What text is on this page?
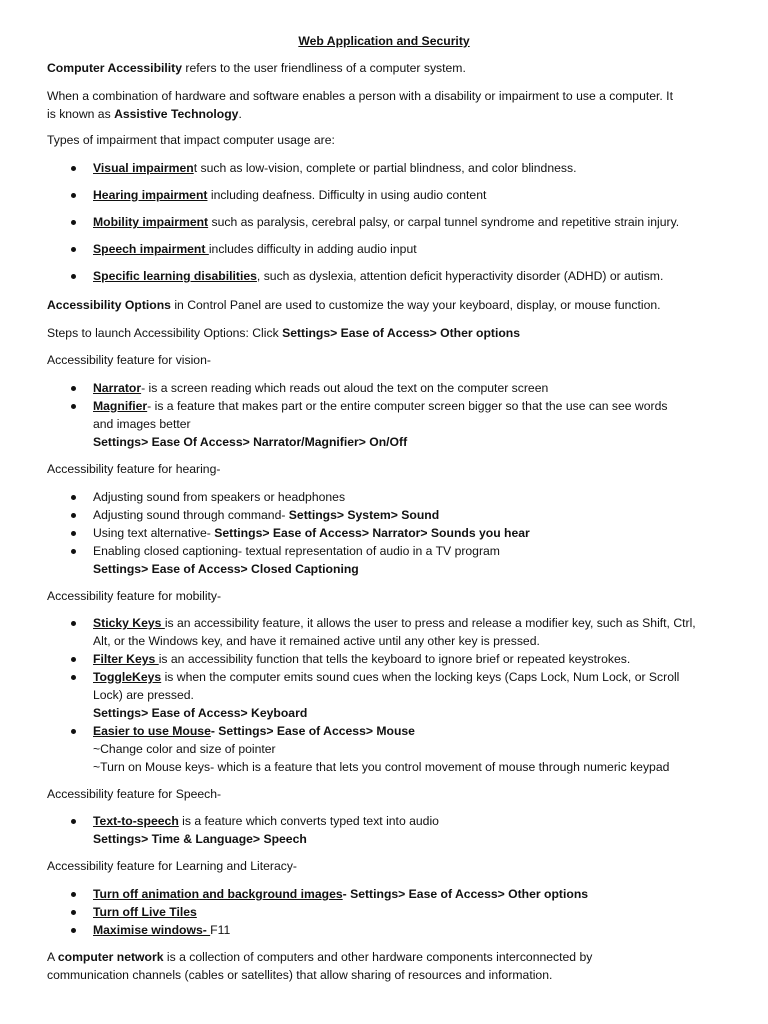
Web Application and Security
Computer Accessibility refers to the user friendliness of a computer system.
When a combination of hardware and software enables a person with a disability or impairment to use a computer. It
is known as Assistive Technology.
Types of impairment that impact computer usage are:
Visual impairment such as low-vision, complete or partial blindness, and color blindness.
Hearing impairment including deafness. Difficulty in using audio content
Mobility impairment such as paralysis, cerebral palsy, or carpal tunnel syndrome and repetitive strain injury.
Speech impairment includes difficulty in adding audio input
Specific learning disabilities, such as dyslexia, attention deficit hyperactivity disorder (ADHD) or autism.
Accessibility Options in Control Panel are used to customize the way your keyboard, display, or mouse function.
Steps to launch Accessibility Options: Click Settings> Ease of Access> Other options
Accessibility feature for vision-
Narrator- is a screen reading which reads out aloud the text on the computer screen
Magnifier- is a feature that makes part or the entire computer screen bigger so that the use can see words
and images better
Settings> Ease Of Access> Narrator/Magnifier> On/Off
Accessibility feature for hearing-
Adjusting sound from speakers or headphones
Adjusting sound through command- Settings> System> Sound
Using text alternative- Settings> Ease of Access> Narrator> Sounds you hear
Enabling closed captioning- textual representation of audio in a TV program
Settings> Ease of Access> Closed Captioning
Accessibility feature for mobility-
Sticky Keys is an accessibility feature, it allows the user to press and release a modifier key, such as Shift, Ctrl,
Alt, or the Windows key, and have it remained active until any other key is pressed.
Filter Keys is an accessibility function that tells the keyboard to ignore brief or repeated keystrokes.
ToggleKeys is when the computer emits sound cues when the locking keys (Caps Lock, Num Lock, or Scroll
Lock) are pressed.
Settings> Ease of Access> Keyboard
Easier to use Mouse- Settings> Ease of Access> Mouse
~Change color and size of pointer
~Turn on Mouse keys- which is a feature that lets you control movement of mouse through numeric keypad
Accessibility feature for Speech-
Text-to-speech is a feature which converts typed text into audio
Settings> Time & Language> Speech
Accessibility feature for Learning and Literacy-
Turn off animation and background images- Settings> Ease of Access> Other options
Turn off Live Tiles
Maximise windows- F11
A computer network is a collection of computers and other hardware components interconnected by
communication channels (cables or satellites) that allow sharing of resources and information.
